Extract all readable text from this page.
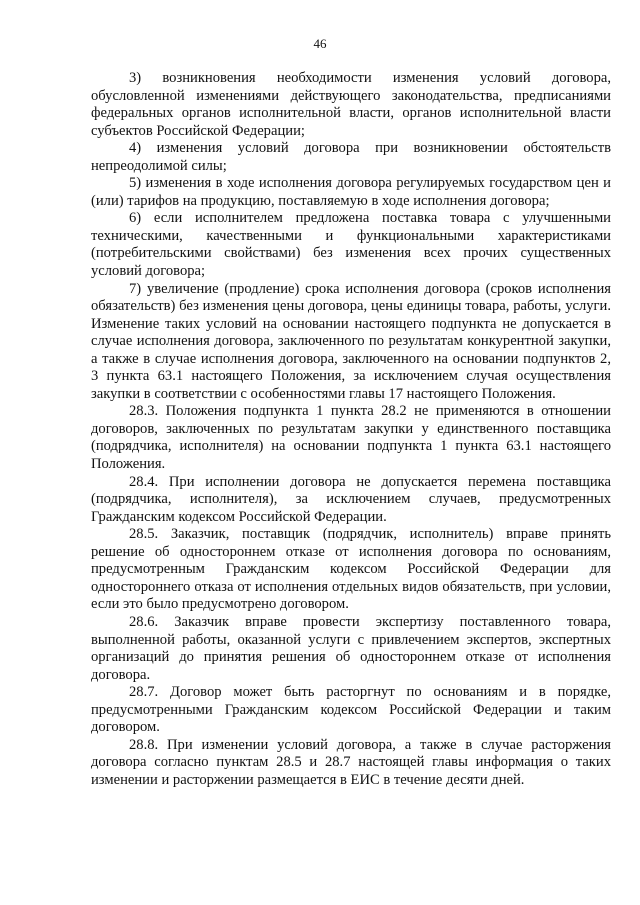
46

3) возникновения необходимости изменения условий договора, обусловленной изменениями действующего законодательства, предписаниями федеральных органов исполнительной власти, органов исполнительной власти субъектов Российской Федерации;

4) изменения условий договора при возникновении обстоятельств непреодолимой силы;

5) изменения в ходе исполнения договора регулируемых государством цен и (или) тарифов на продукцию, поставляемую в ходе исполнения договора;

6) если исполнителем предложена поставка товара с улучшенными техническими, качественными и функциональными характеристиками (потребительскими свойствами) без изменения всех прочих существенных условий договора;

7) увеличение (продление) срока исполнения договора (сроков исполнения обязательств) без изменения цены договора, цены единицы товара, работы, услуги. Изменение таких условий на основании настоящего подпункта не допускается в случае исполнения договора, заключенного по результатам конкурентной закупки, а также в случае исполнения договора, заключенного на основании подпунктов 2, 3 пункта 63.1 настоящего Положения, за исключением случая осуществления закупки в соответствии с особенностями главы 17 настоящего Положения.

28.3. Положения подпункта 1 пункта 28.2 не применяются в отношении договоров, заключенных по результатам закупки у единственного поставщика (подрядчика, исполнителя) на основании подпункта 1 пункта 63.1 настоящего Положения.

28.4. При исполнении договора не допускается перемена поставщика (подрядчика, исполнителя), за исключением случаев, предусмотренных Гражданским кодексом Российской Федерации.

28.5. Заказчик, поставщик (подрядчик, исполнитель) вправе принять решение об одностороннем отказе от исполнения договора по основаниям, предусмотренным Гражданским кодексом Российской Федерации для одностороннего отказа от исполнения отдельных видов обязательств, при условии, если это было предусмотрено договором.

28.6. Заказчик вправе провести экспертизу поставленного товара, выполненной работы, оказанной услуги с привлечением экспертов, экспертных организаций до принятия решения об одностороннем отказе от исполнения договора.

28.7. Договор может быть расторгнут по основаниям и в порядке, предусмотренными Гражданским кодексом Российской Федерации и таким договором.

28.8. При изменении условий договора, а также в случае расторжения договора согласно пунктам 28.5 и 28.7 настоящей главы информация о таких изменении и расторжении размещается в ЕИС в течение десяти дней.
